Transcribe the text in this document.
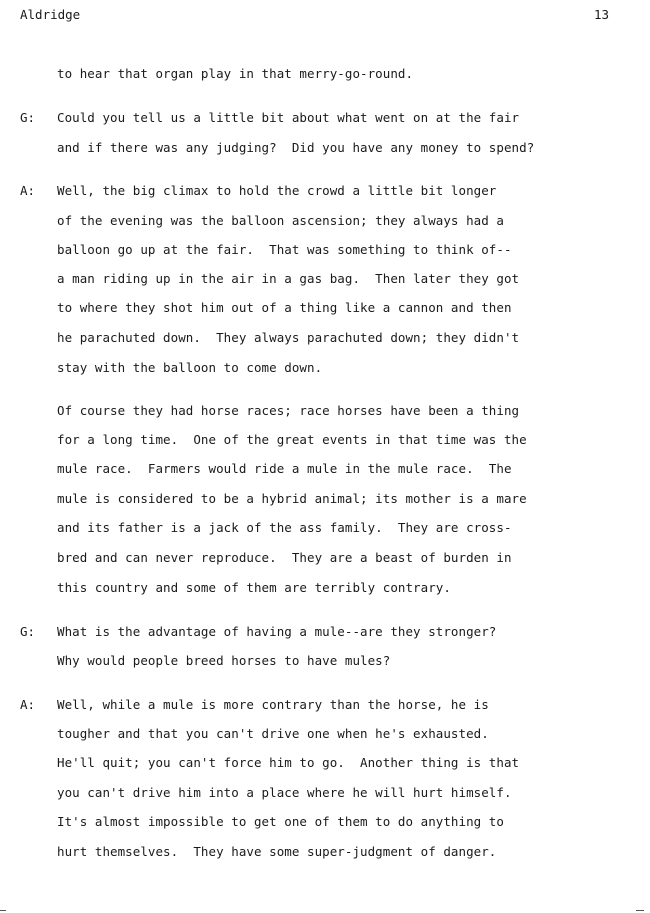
Aldridge	13
to hear that organ play in that merry-go-round.
G: Could you tell us a little bit about what went on at the fair
and if there was any judging?  Did you have any money to spend?
A: Well, the big climax to hold the crowd a little bit longer
of the evening was the balloon ascension; they always had a
balloon go up at the fair.  That was something to think of--
a man riding up in the air in a gas bag.  Then later they got
to where they shot him out of a thing like a cannon and then
he parachuted down.  They always parachuted down; they didn't
stay with the balloon to come down.
Of course they had horse races; race horses have been a thing
for a long time.  One of the great events in that time was the
mule race.  Farmers would ride a mule in the mule race.  The
mule is considered to be a hybrid animal; its mother is a mare
and its father is a jack of the ass family.  They are cross-
bred and can never reproduce.  They are a beast of burden in
this country and some of them are terribly contrary.
G: What is the advantage of having a mule--are they stronger?
Why would people breed horses to have mules?
A: Well, while a mule is more contrary than the horse, he is
tougher and that you can't drive one when he's exhausted.
He'll quit; you can't force him to go.  Another thing is that
you can't drive him into a place where he will hurt himself.
It's almost impossible to get one of them to do anything to
hurt themselves.  They have some super-judgment of danger.
